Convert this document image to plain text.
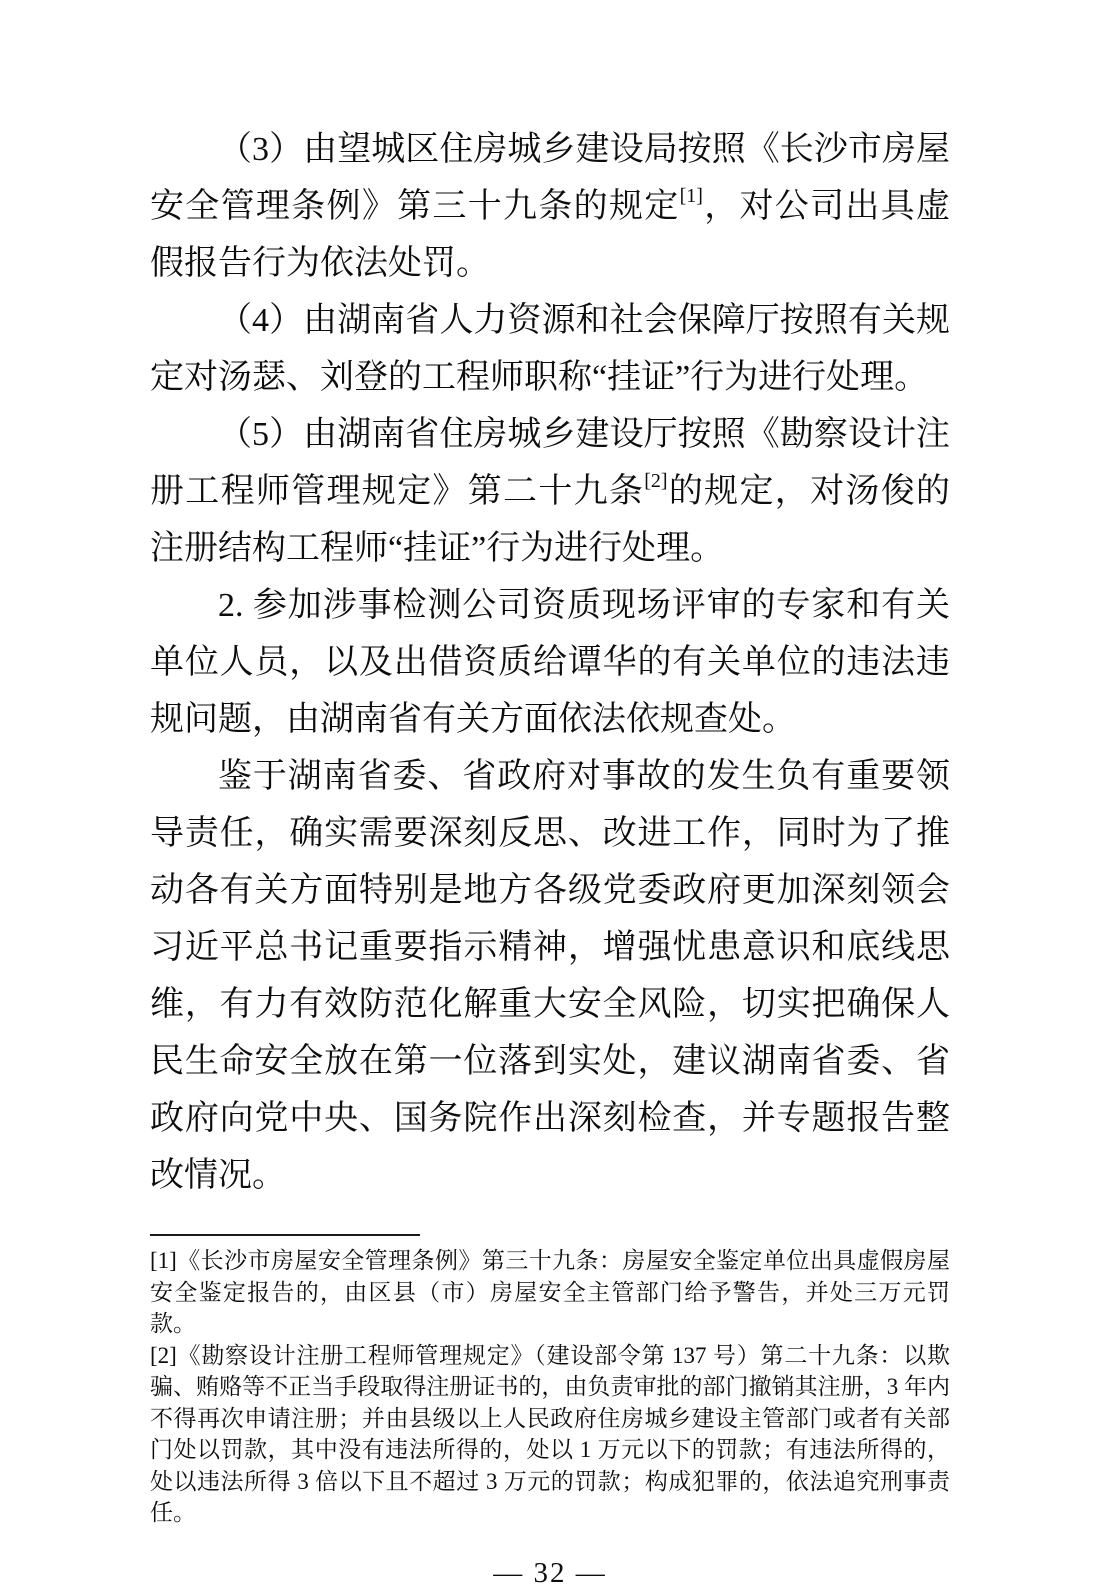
（3）由望城区住房城乡建设局按照《长沙市房屋安全管理条例》第三十九条的规定[1]，对公司出具虚假报告行为依法处罚。

（4）由湖南省人力资源和社会保障厅按照有关规定对汤瑟、刘登的工程师职称“挂证”行为进行处理。

（5）由湖南省住房城乡建设厅按照《勘察设计注册工程师管理规定》第二十九条[2]的规定，对汤俊的注册结构工程师“挂证”行为进行处理。

2. 参加涉事检测公司资质现场评审的专家和有关单位人员，以及出借资质给谭华的有关单位的违法违规问题，由湖南省有关方面依法依规查处。

鉴于湖南省委、省政府对事故的发生负有重要领导责任，确实需要深刻反思、改进工作，同时为了推动各有关方面特别是地方各级党委政府更加深刻领会习近平总书记重要指示精神，增强忧患意识和底线思维，有力有效防范化解重大安全风险，切实把确保人民生命安全放在第一位落到实处，建议湖南省委、省政府向党中央、国务院作出深刻检查，并专题报告整改情况。

[1]《长沙市房屋安全管理条例》第三十九条：房屋安全鉴定单位出具虚假房屋安全鉴定报告的，由区县（市）房屋安全主管部门给予警告，并处三万元罚款。

[2]《勘察设计注册工程师管理规定》（建设部令第 137 号）第二十九条：以欺骗、贿赂等不正当手段取得注册证书的，由负责审批的部门撤销其注册，3 年内不得再次申请注册；并由县级以上人民政府住房城乡建设主管部门或者有关部门处以罚款，其中没有违法所得的，处以 1 万元以下的罚款；有违法所得的，处以违法所得 3 倍以下且不超过 3 万元的罚款；构成犯罪的，依法追究刑事责任。

— 32 —
